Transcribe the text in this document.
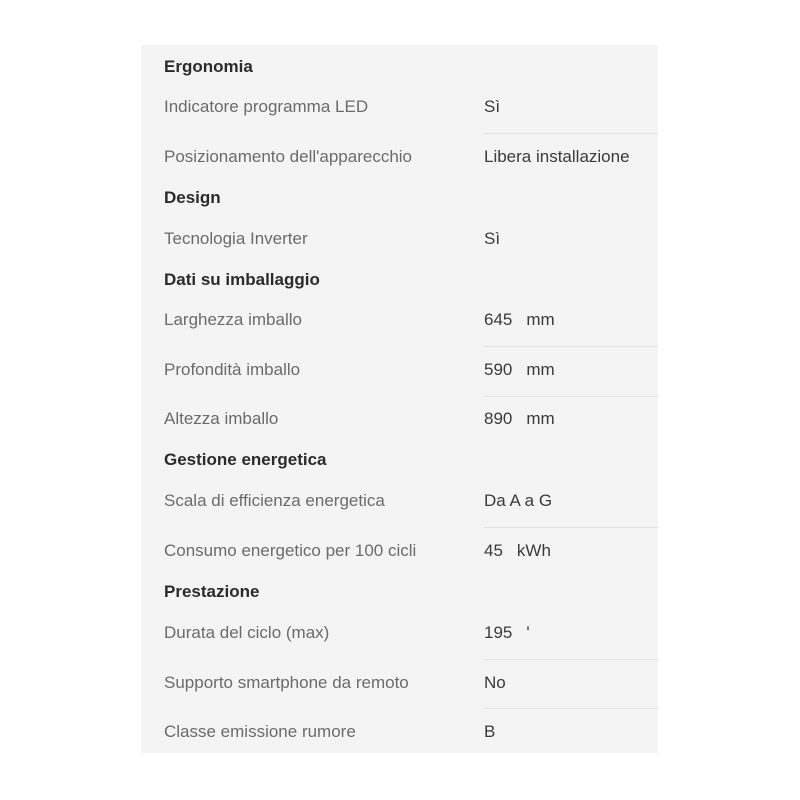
Ergonomia
Indicatore programma LED	Sì
Posizionamento dell'apparecchio	Libera installazione
Design
Tecnologia Inverter	Sì
Dati su imballaggio
Larghezza imballo	645 mm
Profondità imballo	590 mm
Altezza imballo	890 mm
Gestione energetica
Scala di efficienza energetica	Da A a G
Consumo energetico per 100 cicli	45 kWh
Prestazione
Durata del ciclo (max)	195 '
Supporto smartphone da remoto	No
Classe emissione rumore	B
